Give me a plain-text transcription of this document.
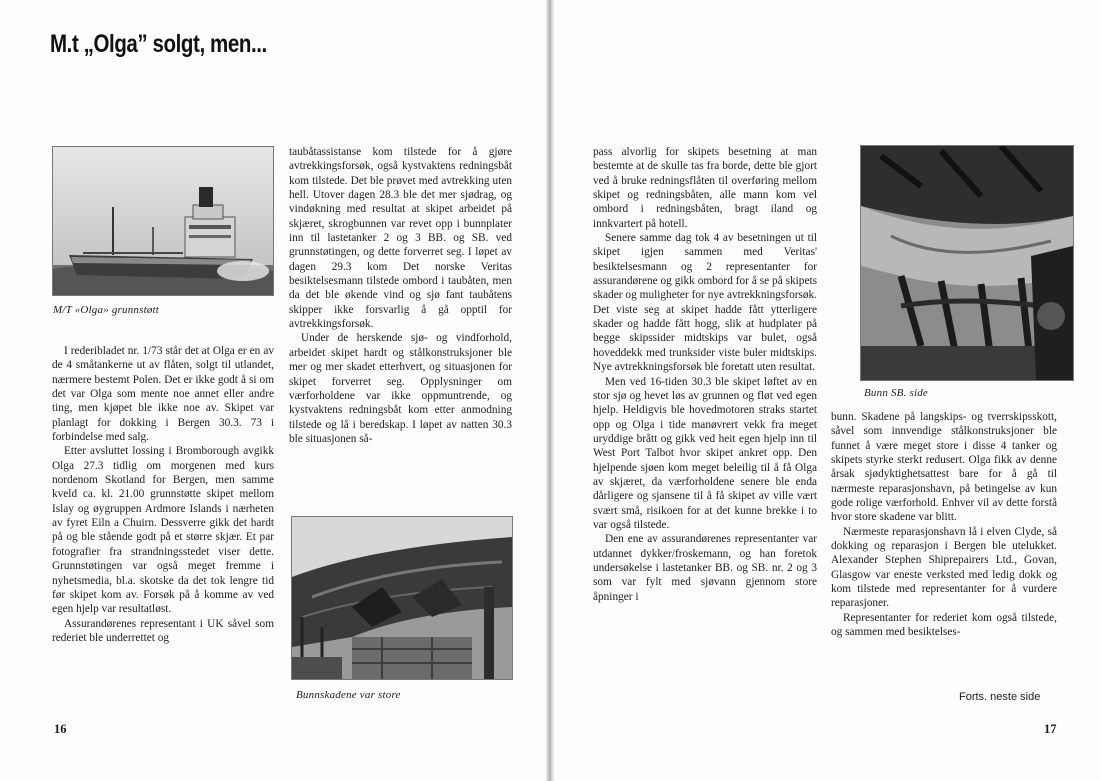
M.t „Olga” solgt, men...
M/T «Olga» grunnstøtt

I rederibladet nr. 1/73 står det at Olga er en av de 4 småtankerne ut av flåten, solgt til utlandet, nærmere bestemt Polen. Det er ikke godt å si om det var Olga som mente noe annet eller andre ting, men kjøpet ble ikke noe av. Skipet var planlagt for dokking i Bergen 30.3. 73 i forbindelse med salg.

Etter avsluttet lossing i Bromborough avgikk Olga 27.3 tidlig om morgenen med kurs nordenom Skotland for Bergen, men samme kveld ca. kl. 21.00 grunnstøtte skipet mellom Islay og øygruppen Ardmore Islands i nærheten av fyret Eiln a Chuirn. Dessverre gikk det hardt på og ble stående godt på et større skjær. Et par fotografier fra strandningsstedet viser dette. Grunnstøtingen var også meget fremme i nyhetsmedia, bl.a. skotske da det tok lengre tid før skipet kom av. Forsøk på å komme av ved egen hjelp var resultatløst.

Assurandørenes representant i UK såvel som rederiet ble underrettet og

taubåtassistanse kom tilstede for å gjøre avtrekkingsforsøk, også kystvaktens redningsbåt kom tilstede. Det ble prøvet med avtrekking uten hell. Utover dagen 28.3 ble det mer sjødrag, og vindøkning med resultat at skipet arbeidet på skjæret, skrogbunnen var revet opp i bunnplater inn til lastetanker 2 og 3 BB. og SB. ved grunnstøtingen, og dette forverret seg. I løpet av dagen 29.3 kom Det norske Veritas besiktelsesmann tilstede ombord i taubåten, men da det ble økende vind og sjø fant taubåtens skipper ikke forsvarlig å gå opptil for avtrekkingsforsøk.

Under de herskende sjø- og vindforhold, arbeidet skipet hardt og stålkonstruksjoner ble mer og mer skadet etterhvert, og situasjonen for skipet forverret seg. Opplysninger om værforholdene var ikke oppmuntrende, og kystvaktens redningsbåt kom etter anmodning tilstede og lå i beredskap. I løpet av natten 30.3 ble situasjonen så-

Bunnskadene var store
16

pass alvorlig for skipets besetning at man bestemte at de skulle tas fra borde, dette ble gjort ved å bruke redningsflåten til overføring mellom skipet og redningsbåten, alle mann kom vel ombord i redningsbåten, bragt iland og innkvartert på hotell.

Senere samme dag tok 4 av besetningen ut til skipet igjen sammen med Veritas' besiktelsesmann og 2 representanter for assurandørene og gikk ombord for å se på skipets skader og muligheter for nye avtrekkningsforsøk. Det viste seg at skipet hadde fått ytterligere skader og hadde fått hogg, slik at hudplater på begge skipssider midtskips var bulet, også hoveddekk med trunksider viste buler midtskips. Nye avtrekkningsforsøk ble foretatt uten resultat.

Men ved 16-tiden 30.3 ble skipet løftet av en stor sjø og hevet løs av grunnen og fløt ved egen hjelp. Heldigvis ble hovedmotoren straks startet opp og Olga i tide manøvrert vekk fra meget uryddige brått og gikk ved heit egen hjelp inn til West Port Talbot hvor skipet ankret opp. Den hjelpende sjøen kom meget beleilig til å få Olga av skjæret, da værforholdene senere ble enda dårligere og sjansene til å få skipet av ville vært svært små, risikoen for at det kunne brekke i to var også tilstede.

Den ene av assurandørenes representanter var utdannet dykker/froskemann, og han foretok undersøkelse i lastetanker BB. og SB. nr. 2 og 3 som var fylt med sjøvann gjennom store åpninger i

Bunn SB. side

bunn. Skadene på langskips- og tverrskipsskott, såvel som innvendige stålkonstruksjoner ble funnet å være meget store i disse 4 tanker og skipets styrke sterkt redusert. Olga fikk av denne årsak sjødyktighetsattest bare for å gå til nærmeste reparasjonshavn, på betingelse av kun gode rolige værforhold. Enhver vil av dette forstå hvor store skadene var blitt.

Nærmeste reparasjonshavn lå i elven Clyde, så dokking og reparasjon i Bergen ble utelukket. Alexander Stephen Shiprepairers Ltd., Govan, Glasgow var eneste verksted med ledig dokk og kom tilstede med representanter for å vurdere reparasjoner.

Representanter for rederiet kom også tilstede, og sammen med besiktelses-

Forts. neste side
17
